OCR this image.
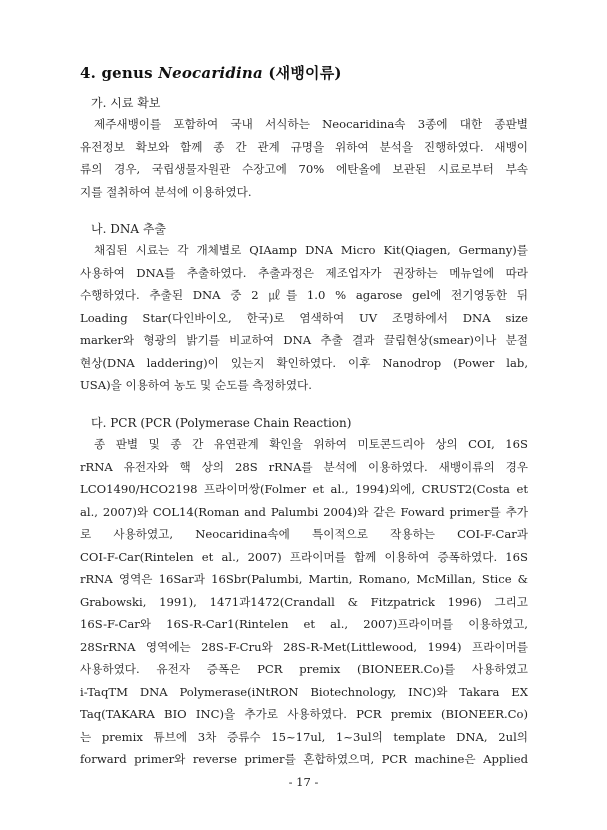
4. genus Neocaridina (새뱅이류)
가. 시료 확보
제주새뱅이를 포함하여 국내 서식하는 Neocaridina속 3종에 대한 종판별
유전정보 확보와 함께 종 간 관계 규명을 위하여 분석을 진행하였다. 새뱅이
류의 경우, 국립생물자원관 수장고에 70% 에탄올에 보관된 시료로부터 부속
지를 절취하여 분석에 이용하였다.
나. DNA 추출
채집된 시료는 각 개체별로 QIAamp DNA Micro Kit(Qiagen, Germany)를
사용하여 DNA를 추출하였다. 추출과정은 제조업자가 권장하는 메뉴얼에 따라
수행하였다. 추출된 DNA 중 2 ㎕를 1.0 % agarose gel에 전기영동한 뒤
Loading Star(다인바이오, 한국)로 염색하여 UV 조명하에서 DNA size
marker와 형광의 밝기를 비교하여 DNA 추출 결과 끌림현상(smear)이나 분절
현상(DNA laddering)이 있는지 확인하였다. 이후 Nanodrop (Power lab,
USA)을 이용하여 농도 및 순도를 측정하였다.
다. PCR (PCR (Polymerase Chain Reaction)
종 판별 및 종 간 유연관계 확인을 위하여 미토콘드리아 상의 COI, 16S
rRNA 유전자와 핵 상의 28S rRNA를 분석에 이용하였다. 새뱅이류의 경우
LCO1490/HCO2198 프라이머쌍(Folmer et al., 1994)외에, CRUST2(Costa et
al., 2007)와 COL14(Roman and Palumbi 2004)와 같은 Foward primer를 추가
로 사용하였고, Neocaridina속에 특이적으로 작용하는 COI-F-Car과
COI-F-Car(Rintelen et al., 2007) 프라이머를 함께 이용하여 증폭하였다. 16S
rRNA 영역은 16Sar과 16Sbr(Palumbi, Martin, Romano, McMillan, Stice &
Grabowski, 1991), 1471과1472(Crandall & Fitzpatrick 1996) 그리고
16S-F-Car와 16S-R-Car1(Rintelen et al., 2007)프라이머를 이용하였고,
28SrRNA 영역에는 28S-F-Cru와 28S-R-Met(Littlewood, 1994) 프라이머를
사용하였다. 유전자 증폭은 PCR premix (BIONEER.Co)를 사용하였고
i-TaqTM DNA Polymerase(iNtRON Biotechnology, INC)와 Takara EX
Taq(TAKARA BIO INC)을 추가로 사용하였다. PCR premix (BIONEER.Co)
는 premix 튜브에 3차 증류수 15~17ul, 1~3ul의 template DNA, 2ul의
forward primer와 reverse primer를 혼합하였으며, PCR machine은 Applied
- 17 -
